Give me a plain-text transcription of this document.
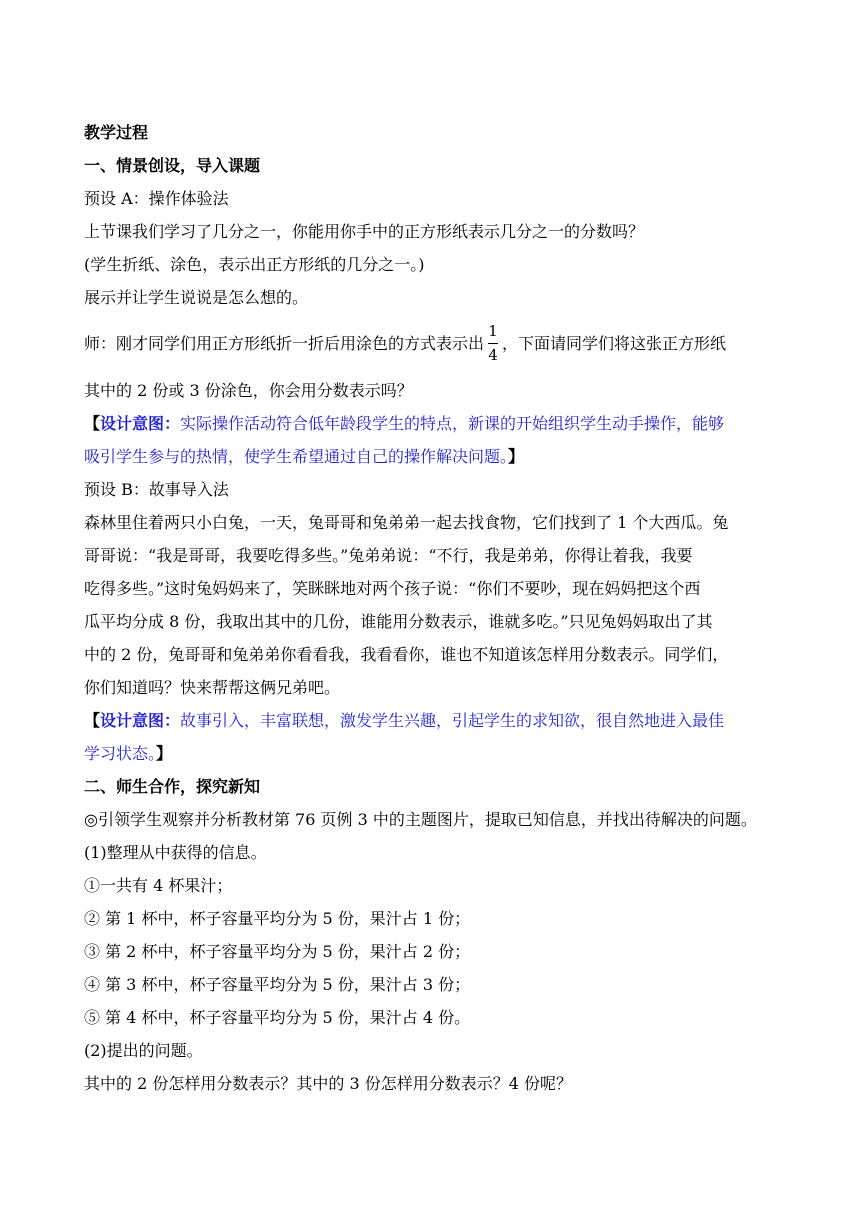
教学过程
一、情景创设，导入课题
预设 A：操作体验法
上节课我们学习了几分之一，你能用你手中的正方形纸表示几分之一的分数吗？
(学生折纸、涂色，表示出正方形纸的几分之一。)
展示并让学生说说是怎么想的。
师：刚才同学们用正方形纸折一折后用涂色的方式表示出 $\frac{1}{4}$ ，下面请同学们将这张正方形纸
其中的 2 份或 3 份涂色，你会用分数表示吗？
【设计意图：实际操作活动符合低年龄段学生的特点，新课的开始组织学生动手操作，能够
吸引学生参与的热情，使学生希望通过自己的操作解决问题。】
预设 B：故事导入法
森林里住着两只小白兔，一天，兔哥哥和兔弟弟一起去找食物，它们找到了 1 个大西瓜。兔
哥哥说：“我是哥哥，我要吃得多些。”兔弟弟说：“不行，我是弟弟，你得让着我，我要
吃得多些。”这时兔妈妈来了，笑眯眯地对两个孩子说：“你们不要吵，现在妈妈把这个西
瓜平均分成 8 份，我取出其中的几份，谁能用分数表示，谁就多吃。”只见兔妈妈取出了其
中的 2 份，兔哥哥和兔弟弟你看看我，我看看你，谁也不知道该怎样用分数表示。同学们，
你们知道吗？快来帮帮这俩兄弟吧。
【设计意图：故事引入，丰富联想，激发学生兴趣，引起学生的求知欲，很自然地进入最佳
学习状态。】
二、师生合作，探究新知
◎引领学生观察并分析教材第 76 页例 3 中的主题图片，提取已知信息，并找出待解决的问题。
(1)整理从中获得的信息。
①一共有 4 杯果汁；
② 第 1 杯中，杯子容量平均分为 5 份，果汁占 1 份；
③ 第 2 杯中，杯子容量平均分为 5 份，果汁占 2 份；
④ 第 3 杯中，杯子容量平均分为 5 份，果汁占 3 份；
⑤ 第 4 杯中，杯子容量平均分为 5 份，果汁占 4 份。
(2)提出的问题。
其中的 2 份怎样用分数表示？其中的 3 份怎样用分数表示？4 份呢？
